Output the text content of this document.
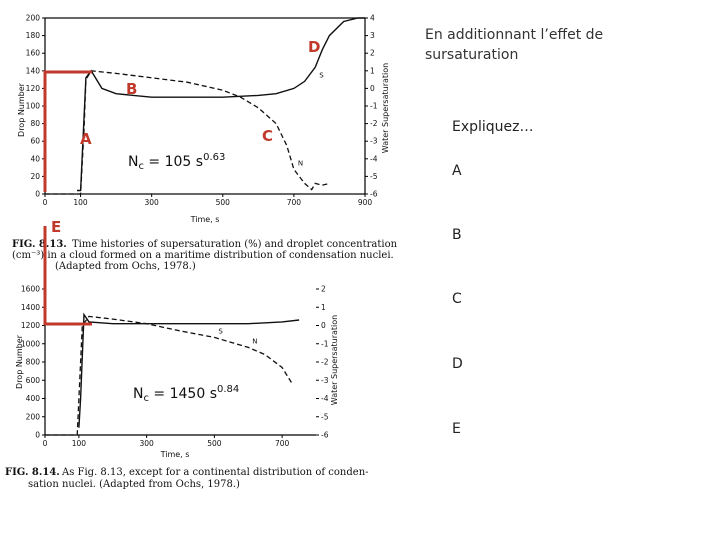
0
20
40
60
80
100
120
140
160
180
200
-6
-5
-4
-3
-2
-1
0
1
2
3
4
0	100	300	500	700	900
S
N
Drop Number	Water Supersaturation
Time, s
FIG. 8.13. Time histories of supersaturation (%) and droplet concentration
(cm⁻³) in a cloud formed on a maritime distribution of condensation nuclei.
(Adapted from Ochs, 1978.)
$N_c = 105$ $s^{0.63}$
0
200
400
600
800
1000
1200
1400
1600
-6
-5
-4
-3
-2
-1
0
1
2
0	100	300	500	700
S
N
Drop Number	Water Supersaturation
Time, s
FIG. 8.14. As Fig. 8.13, except for a continental distribution of conden-
sation nuclei. (Adapted from Ochs, 1978.)
$N_c = 1450$ $s^{0.84}$
D
B
A	C
E
En additionnant l’effet de
sursaturation
Expliquez…
A
B
C
D
E
